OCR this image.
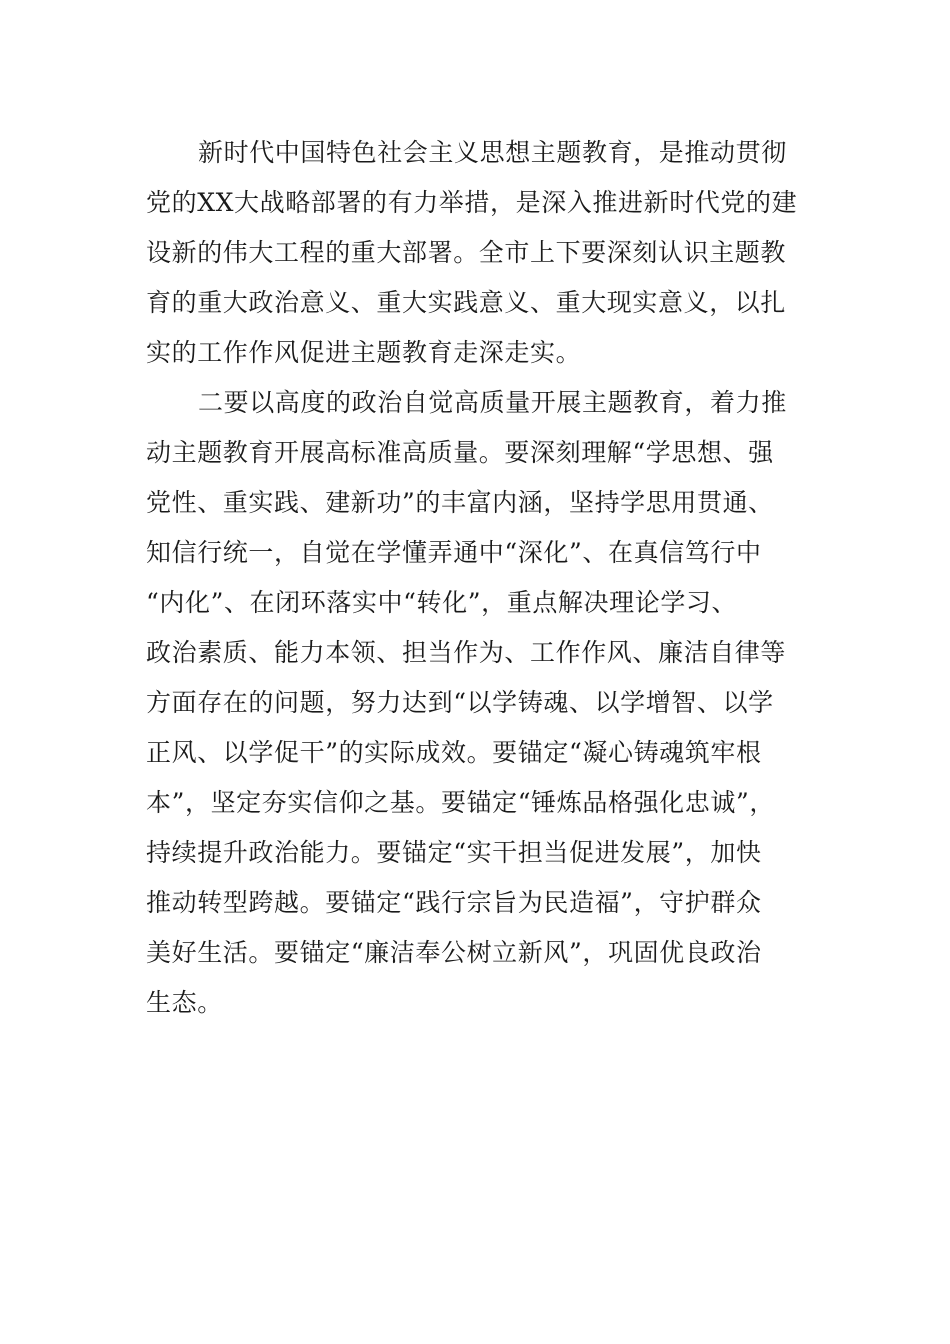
新时代中国特色社会主义思想主题教育，是推动贯彻
党的XX大战略部署的有力举措，是深入推进新时代党的建
设新的伟大工程的重大部署。全市上下要深刻认识主题教
育的重大政治意义、重大实践意义、重大现实意义，以扎
实的工作作风促进主题教育走深走实。
二要以高度的政治自觉高质量开展主题教育，着力推
动主题教育开展高标准高质量。要深刻理解“学思想、强
党性、重实践、建新功”的丰富内涵，坚持学思用贯通、
知信行统一，自觉在学懂弄通中“深化”、在真信笃行中
“内化”、在闭环落实中“转化”，重点解决理论学习、
政治素质、能力本领、担当作为、工作作风、廉洁自律等
方面存在的问题，努力达到“以学铸魂、以学增智、以学
正风、以学促干”的实际成效。要锚定“凝心铸魂筑牢根
本”，坚定夯实信仰之基。要锚定“锤炼品格强化忠诚”，
持续提升政治能力。要锚定“实干担当促进发展”，加快
推动转型跨越。要锚定“践行宗旨为民造福”，守护群众
美好生活。要锚定“廉洁奉公树立新风”，巩固优良政治
生态。
